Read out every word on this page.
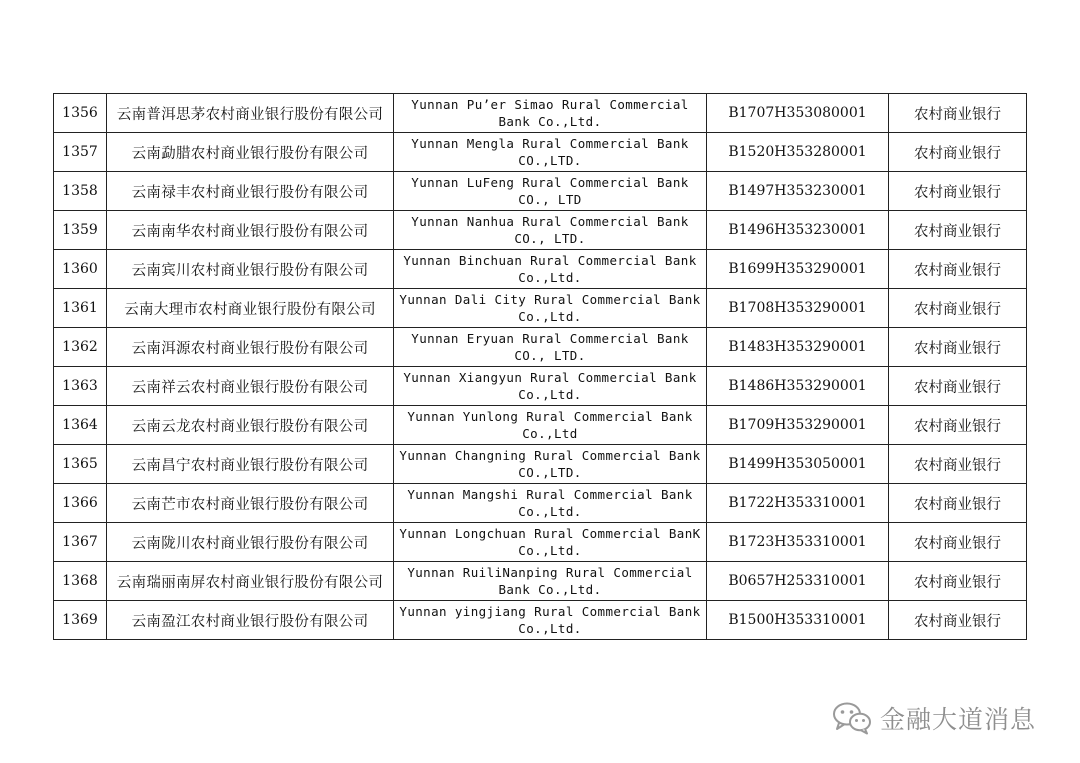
1356	云南普洱思茅农村商业银行股份有限公司	Yunnan Pu’er Simao Rural Commercial Bank Co.,Ltd.	B1707H353080001	农村商业银行
1357	云南勐腊农村商业银行股份有限公司	Yunnan Mengla Rural Commercial Bank CO.,LTD.	B1520H353280001	农村商业银行
1358	云南禄丰农村商业银行股份有限公司	Yunnan LuFeng Rural Commercial Bank CO., LTD	B1497H353230001	农村商业银行
1359	云南南华农村商业银行股份有限公司	Yunnan Nanhua Rural Commercial Bank CO., LTD.	B1496H353230001	农村商业银行
1360	云南宾川农村商业银行股份有限公司	Yunnan Binchuan Rural Commercial Bank Co.,Ltd.	B1699H353290001	农村商业银行
1361	云南大理市农村商业银行股份有限公司	Yunnan Dali City Rural Commercial Bank Co.,Ltd.	B1708H353290001	农村商业银行
1362	云南洱源农村商业银行股份有限公司	Yunnan Eryuan Rural Commercial Bank CO., LTD.	B1483H353290001	农村商业银行
1363	云南祥云农村商业银行股份有限公司	Yunnan Xiangyun Rural Commercial Bank Co.,Ltd.	B1486H353290001	农村商业银行
1364	云南云龙农村商业银行股份有限公司	Yunnan Yunlong Rural Commercial Bank Co.,Ltd	B1709H353290001	农村商业银行
1365	云南昌宁农村商业银行股份有限公司	Yunnan Changning Rural Commercial Bank CO.,LTD.	B1499H353050001	农村商业银行
1366	云南芒市农村商业银行股份有限公司	Yunnan Mangshi Rural Commercial Bank Co.,Ltd.	B1722H353310001	农村商业银行
1367	云南陇川农村商业银行股份有限公司	Yunnan Longchuan Rural Commercial BanK Co.,Ltd.	B1723H353310001	农村商业银行
1368	云南瑞丽南屏农村商业银行股份有限公司	Yunnan RuiliNanping Rural Commercial Bank Co.,Ltd.	B0657H253310001	农村商业银行
1369	云南盈江农村商业银行股份有限公司	Yunnan yingjiang Rural Commercial Bank Co.,Ltd.	B1500H353310001	农村商业银行
金融大道消息
